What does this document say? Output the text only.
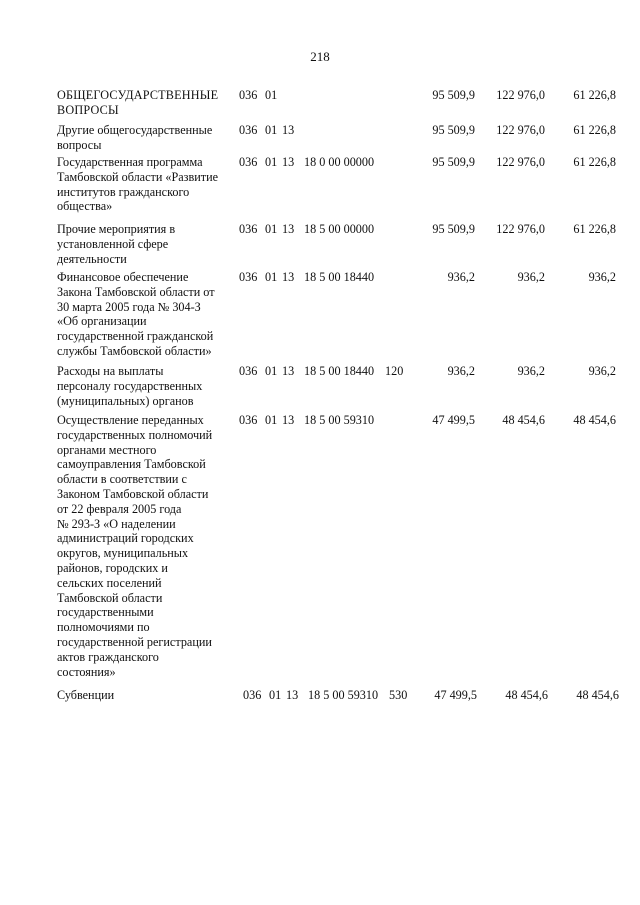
218
ОБЩЕГОСУДАРСТВЕННЫЕ
ВОПРОСЫ
036 01	95 509,9 122 976,0 61 226,8
Другие общегосударственные
вопросы
036 01 13	95 509,9 122 976,0 61 226,8
Государственная программа
Тамбовской области «Развитие
институтов гражданского
общества»
036 01 13 18 0 00 00000	95 509,9 122 976,0 61 226,8
Прочие мероприятия в
установленной сфере
деятельности
036 01 13 18 5 00 00000	95 509,9 122 976,0 61 226,8
Финансовое обеспечение
Закона Тамбовской области от
30 марта 2005 года № 304-З
«Об организации
государственной гражданской
службы Тамбовской области»
036 01 13 18 5 00 18440	936,2	936,2	936,2
Расходы на выплаты
персоналу государственных
(муниципальных) органов
036 01 13 18 5 00 18440 120	936,2	936,2	936,2
Осуществление переданных
государственных полномочий
органами местного
самоуправления Тамбовской
области в соответствии с
Законом Тамбовской области
от 22 февраля 2005 года
№ 293-З «О наделении
администраций городских
округов, муниципальных
районов, городских и
сельских поселений
Тамбовской области
государственными
полномочиями по
государственной регистрации
актов гражданского
состояния»
036 01 13 18 5 00 59310	47 499,5 48 454,6 48 454,6
Субвенции	036 01 13 18 5 00 59310 530 47 499,5 48 454,6 48 454,6
